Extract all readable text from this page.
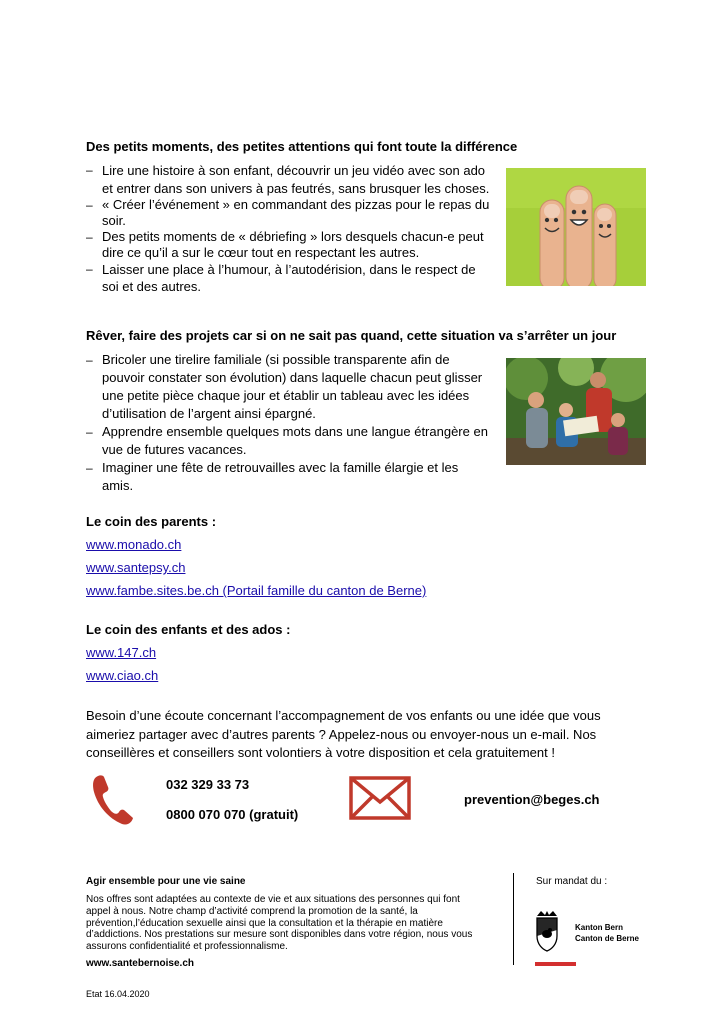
Des petits moments, des petites attentions qui font toute la différence
– Lire une histoire à son enfant, découvrir un jeu vidéo avec son ado et entrer dans son univers à pas feutrés, sans brusquer les choses.
– « Créer l’événement » en commandant des pizzas pour le repas du soir.
– Des petits moments de « débriefing » lors desquels chacun-e peut dire ce qu’il a sur le cœur tout en respectant les autres.
– Laisser une place à l’humour, à l’autodérision, dans le respect de soi et des autres.
Rêver, faire des projets car si on ne sait pas quand, cette situation va s’arrêter un jour
– Bricoler une tirelire familiale (si possible transparente afin de pouvoir constater son évolution) dans laquelle chacun peut glisser une petite pièce chaque jour et établir un tableau avec les idées d’utilisation de l’argent ainsi épargné.
– Apprendre ensemble quelques mots dans une langue étrangère en vue de futures vacances.
– Imaginer une fête de retrouvailles avec la famille élargie et les amis.
Le coin des parents :
www.monado.ch
www.santepsy.ch
www.fambe.sites.be.ch (Portail famille du canton de Berne)
Le coin des enfants et des ados :
www.147.ch
www.ciao.ch
Besoin d’une écoute concernant l’accompagnement de vos enfants ou une idée que vous aimeriez partager avec d’autres parents ? Appelez-nous ou envoyer-nous un e-mail. Nos conseillères et conseillers sont volontiers à votre disposition et cela gratuitement !
032 329 33 73
0800 070 070 (gratuit)
prevention@beges.ch
Agir ensemble pour une vie saine
Nos offres sont adaptées au contexte de vie et aux situations des personnes qui font appel à nous. Notre champ d’activité comprend la promotion de la santé, la prévention,l’éducation sexuelle ainsi que la consultation et la thérapie en matière d’addictions. Nos prestations sur mesure sont disponibles dans votre région, nous vous assurons confidentialité et professionnalisme.
www.santebernoise.ch
Sur mandat du :
Kanton Bern
Canton de Berne
Etat 16.04.2020
